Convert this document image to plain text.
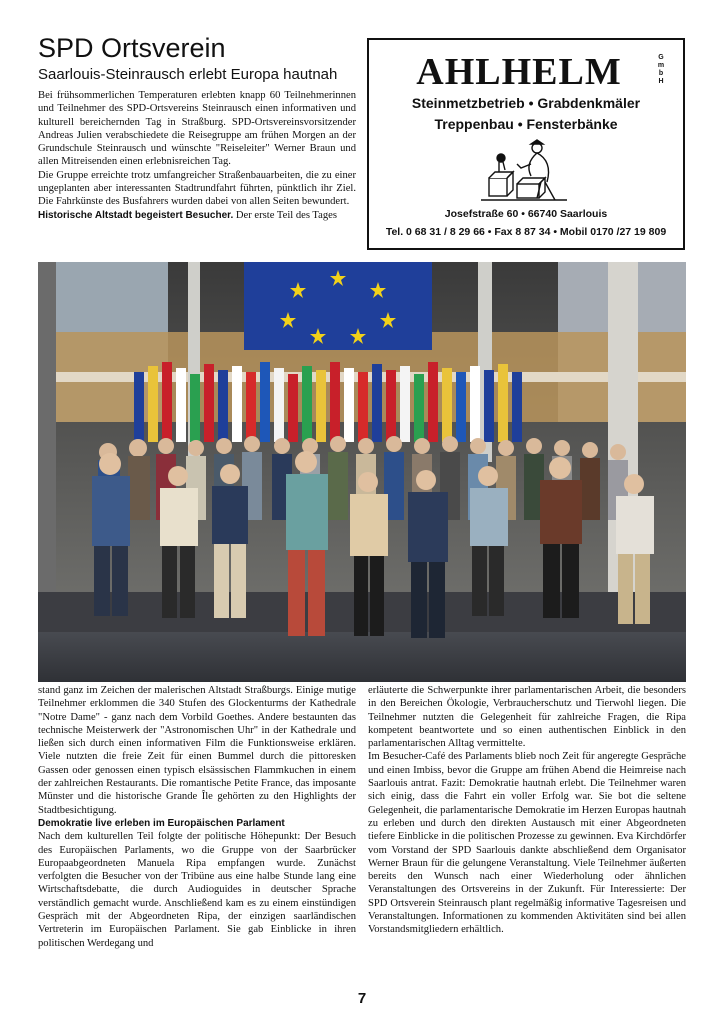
SPD Ortsverein
Saarlouis-Steinrausch erlebt Europa hautnah

Bei frühsommerlichen Temperaturen erlebten knapp 60 Teilnehmerinnen und Teilnehmer des SPD-Ortsvereins Steinrausch einen informativen und kulturell bereichernden Tag in Straßburg. SPD-Ortsvereinsvorsitzender Andreas Julien verabschiedete die Reisegruppe am frühen Morgen an der Grundschule Steinrausch und wünschte "Reiseleiter" Werner Braun und allen Mitreisenden einen erlebnisreichen Tag.

Die Gruppe erreichte trotz umfangreicher Straßenbauarbeiten, die zu einer ungeplanten aber interessanten Stadtrundfahrt führten, pünktlich ihr Ziel. Die Fahrkünste des Busfahrers wurden dabei von allen Seiten bewundert.

Historische Altstadt begeistert Besucher. Der erste Teil des Tages

AHLHELM	GmbH
Steinmetzbetrieb • Grabdenkmäler
Treppenbau • Fensterbänke
Josefstraße 60 • 66740 Saarlouis
Tel. 0 68 31 / 8 29 66 • Fax 8 87 34 • Mobil 0170 /27 19 809

stand ganz im Zeichen der malerischen Altstadt Straßburgs. Einige mutige Teilnehmer erklommen die 340 Stufen des Glockenturms der Kathedrale "Notre Dame" - ganz nach dem Vorbild Goethes. Andere bestaunten das technische Meisterwerk der "Astronomischen Uhr" in der Kathedrale und ließen sich durch einen informativen Film die Funktionsweise erklären. Viele nutzten die freie Zeit für einen Bummel durch die pittoresken Gassen oder genossen einen typisch elsässischen Flammkuchen in einem der zahlreichen Restaurants. Die romantische Petite France, das imposante Münster und die historische Grande Île gehörten zu den Highlights der Stadtbesichtigung.

Demokratie live erleben im Europäischen Parlament

Nach dem kulturellen Teil folgte der politische Höhepunkt: Der Besuch des Europäischen Parlaments, wo die Gruppe von der Saarbrücker Europaabgeordneten Manuela Ripa empfangen wurde. Zunächst verfolgten die Besucher von der Tribüne aus eine halbe Stunde lang eine Wirtschaftsdebatte, die durch Audioguides in deutscher Sprache verständlich gemacht wurde. Anschließend kam es zu einem einstündigen Gespräch mit der Abgeordneten Ripa, der einzigen saarländischen Vertreterin im Europäischen Parlament. Sie gab Einblicke in ihren politischen Werdegang und

erläuterte die Schwerpunkte ihrer parlamentarischen Arbeit, die besonders in den Bereichen Ökologie, Verbraucherschutz und Tierwohl liegen. Die Teilnehmer nutzten die Gelegenheit für zahlreiche Fragen, die Ripa kompetent beantwortete und so einen authentischen Einblick in den parlamentarischen Alltag vermittelte.

Im Besucher-Café des Parlaments blieb noch Zeit für angeregte Gespräche und einen Imbiss, bevor die Gruppe am frühen Abend die Heimreise nach Saarlouis antrat. Fazit: Demokratie hautnah erlebt. Die Teilnehmer waren sich einig, dass die Fahrt ein voller Erfolg war. Sie bot die seltene Gelegenheit, die parlamentarische Demokratie im Herzen Europas hautnah zu erleben und durch den direkten Austausch mit einer Abgeordneten tiefere Einblicke in die politischen Prozesse zu gewinnen. Eva Kirchdörfer vom Vorstand der SPD Saarlouis dankte abschließend dem Organisator Werner Braun für die gelungene Veranstaltung. Viele Teilnehmer äußerten bereits den Wunsch nach einer Wiederholung oder ähnlichen Veranstaltungen des Ortsvereins in der Zukunft. Für Interessierte: Der SPD Ortsverein Steinrausch plant regelmäßig informative Tagesreisen und Veranstaltungen. Informationen zu kommenden Aktivitäten sind bei allen Vorstandsmitgliedern erhältlich.

7
